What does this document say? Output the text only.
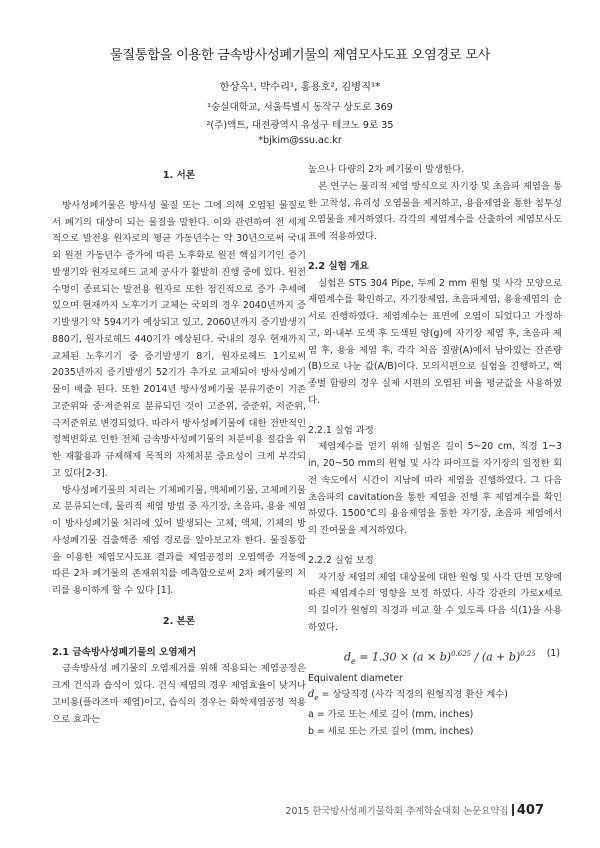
물질통합을 이용한 금속방사성폐기물의 제염모사도표 오염경로 모사
한상옥¹, 박수리¹, 홍용호², 김병직¹*
¹숭실대학교, 서울특별시 동작구 상도로 369
²(주)액트, 대전광역시 유성구 테크노 9로 35
*bjkim@ssu.ac.kr

1. 서론

방사성폐기물은 방사성 물질 또는 그에 의해 오염된 물질로서 폐기의 대상이 되는 물질을 말한다. 이와 관련하여 전 세계적으로 발전용 원자로의 평균 가동년수는 약 30년으로써 국내외 원전 가동년수 증가에 따른 노후화로 원전 핵심기기인 증기발생기와 원자로헤드 교체 공사가 활발히 진행 중에 있다. 원전수명이 종료되는 발전용 원자로 또한 점진적으로 증가 추세에 있으며 현재까지 노후기기 교체는 국외의 경우 2040년까지 증기발생기 약 594기가 예상되고 있고, 2060년까지 증기발생기 880기, 원자로헤드 440기가 예상된다. 국내의 경우 현재까지 교체된 노후기기 중 증기발생기 8기, 원자로헤드 1기로써 2035년까지 증기발생기 52기가 추가로 교체되어 방사성폐기물이 배출 된다. 또한 2014년 방사성폐기물 분류기준이 기존 고준위와 중·저준위로 분류되던 것이 고준위, 중준위, 저준위, 극저준위로 변경되었다. 따라서 방사성폐기물에 대한 전반적인 정책변화로 인한 전체 금속방사성폐기물의 처분비용 절감을 위한 재활용과 규제해제 목적의 자체처분 중요성이 크게 부각되고 있다[2-3].

방사성폐기물의 처리는 기체폐기물, 액체폐기물, 고체폐기물로 분류되는데, 물리적 제염 방법 중 자기장, 초음파, 용융 제염이 방사성폐기물 처리에 있어 발생되는 고체, 액체, 기체의 방사성폐기물 검출핵종 제염 경로를 알아보고자 한다. 물질통합을 이용한 제염모사도표 결과를 제염공정의 오염핵종 거동에 따른 2차 폐기물의 존재위치를 예측함으로써 2차 폐기물의 처리를 용이하게 할 수 있다 [1].

2. 본론

2.1 금속방사성폐기물의 오염제거

금속방사성 폐기물의 오염제거를 위해 적용되는 제염공정은 크게 건식과 습식이 있다. 건식 제염의 경우 제염효율이 낮거나 고비용(플라즈마 제염)이고, 습식의 경우는 화학제염공정 적용으로 효과는

높으나 다량의 2차 폐기물이 발생한다.

본 연구는 물리적 제염 방식으로 자기장 및 초음파 제염을 통한 고착성, 유리성 오염물을 제거하고, 용융제염을 통한 침투성 오염물을 제거하였다. 각각의 제염계수를 산출하여 제염모사도표에 적용하였다.

2.2 실험 개요

실험은 STS 304 Pipe, 두께 2 mm 원형 및 사각 모양으로 제염계수를 확인하고, 자기장제염, 초음파제염, 용융제염의 순서로 진행하였다. 제염계수는 표면에 오염이 되었다고 가정하고, 외·내부 도색 후 도색된 양(g)에 자기장 제염 후, 초음파 제염 후, 용융 제염 후, 각각 처음 질량(A)에서 남아있는 잔존량(B)으로 나눈 값(A/B)이다. 모의시편으로 실험을 진행하고, 핵종별 함량의 경우 실제 시편의 오염된 비율 평균값을 사용하였다.

2.2.1 실험 과정

제염계수를 얻기 위해 실험은 길이 5~20 cm, 직경 1~3 in, 20~50 mm의 원형 및 사각 파이프를 자기장의 일정한 회전 속도에서 시간이 지남에 따라 제염을 진행하였다. 그 다음 초음파의 cavitation을 통한 제염을 진행 후 제염계수를 확인하였다. 1500℃의 용융제염을 통한 자기장, 초음파 제염에서의 잔여물을 제거하였다.

2.2.2 실험 보정

자기장 제염의 제염 대상물에 대한 원형 및 사각 단면 모양에 따른 제염계수의 영향을 보정 하였다. 사각 강관의 가로x세로의 길이가 원형의 직경과 비교 할 수 있도록 다음 식(1)을 사용하였다.

$d_e = 1.30 \times (a \times b)^{0.625} / (a + b)^{0.25}$ (1)

Equivalent diameter

$d_e$ = 상당직경 (사각 직경의 원형직경 환산 계수)

a = 가로 또는 세로 길이 (mm, inches)

b = 세로 또는 가로 길이 (mm, inches)

2015 한국방사성폐기물학회 추계학술대회 논문요약집 407
